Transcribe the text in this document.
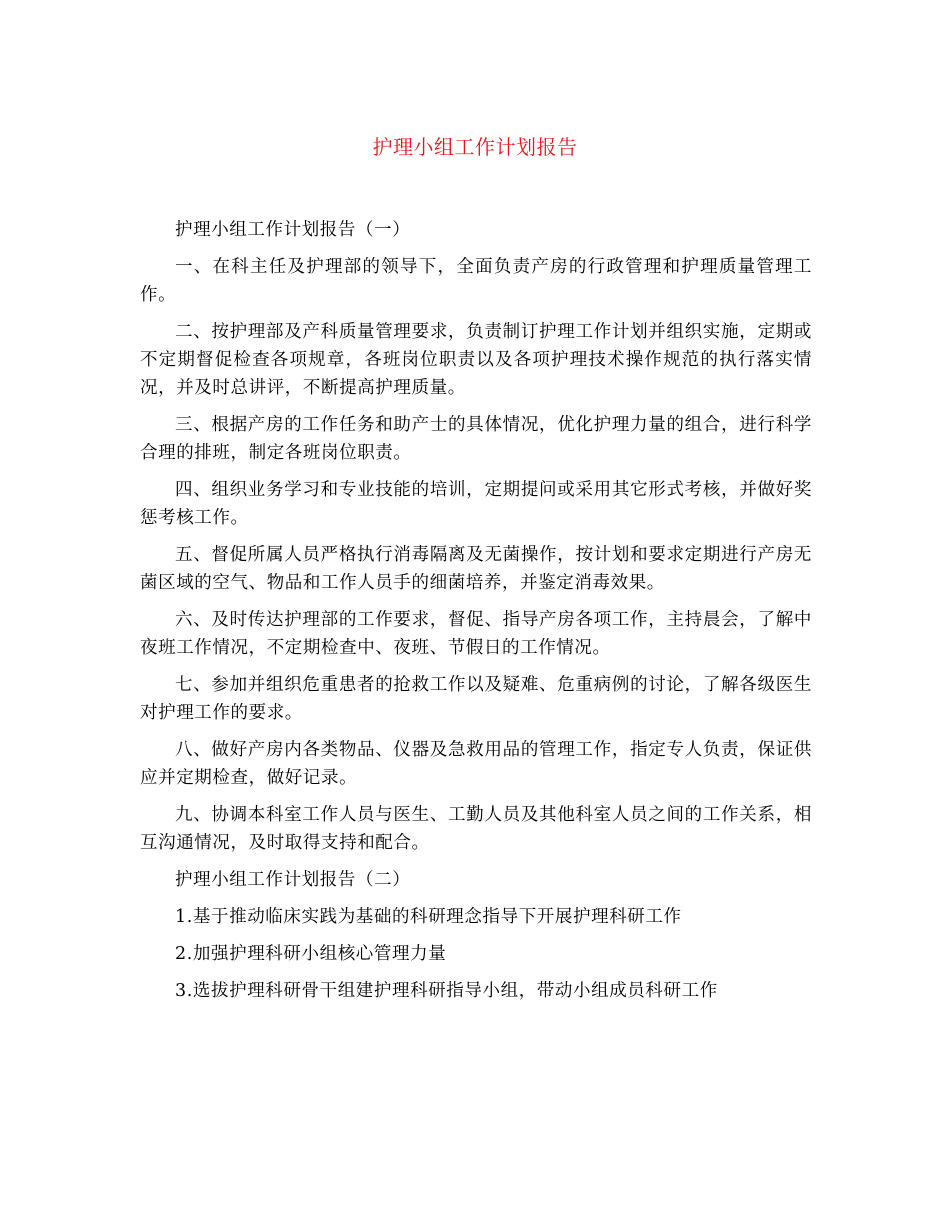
护理小组工作计划报告

护理小组工作计划报告（一）

一、在科主任及护理部的领导下，全面负责产房的行政管理和护理质量管理工作。

二、按护理部及产科质量管理要求，负责制订护理工作计划并组织实施，定期或不定期督促检查各项规章，各班岗位职责以及各项护理技术操作规范的执行落实情况，并及时总讲评，不断提高护理质量。

三、根据产房的工作任务和助产士的具体情况，优化护理力量的组合，进行科学合理的排班，制定各班岗位职责。

四、组织业务学习和专业技能的培训，定期提问或采用其它形式考核，并做好奖惩考核工作。

五、督促所属人员严格执行消毒隔离及无菌操作，按计划和要求定期进行产房无菌区域的空气、物品和工作人员手的细菌培养，并鉴定消毒效果。

六、及时传达护理部的工作要求，督促、指导产房各项工作，主持晨会，了解中夜班工作情况，不定期检查中、夜班、节假日的工作情况。

七、参加并组织危重患者的抢救工作以及疑难、危重病例的讨论，了解各级医生对护理工作的要求。

八、做好产房内各类物品、仪器及急救用品的管理工作，指定专人负责，保证供应并定期检查，做好记录。

九、协调本科室工作人员与医生、工勤人员及其他科室人员之间的工作关系，相互沟通情况，及时取得支持和配合。

护理小组工作计划报告（二）

1.基于推动临床实践为基础的科研理念指导下开展护理科研工作

2.加强护理科研小组核心管理力量

3.选拔护理科研骨干组建护理科研指导小组，带动小组成员科研工作
